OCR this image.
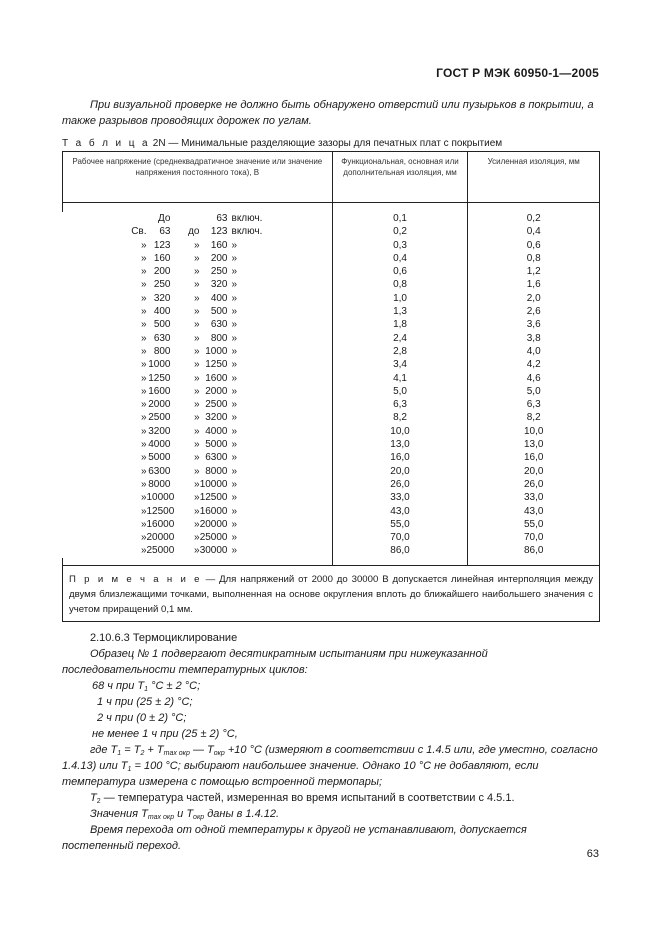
ГОСТ Р МЭК 60950-1—2005

При визуальной проверке не должно быть обнаружено отверстий или пузырьков в покрытии, а также разрывов проводящих дорожек по углам.

Т а б л и ц а 2N — Минимальные разделяющие зазоры для печатных плат с покрытием
Рабочее напряжение (среднеквадратичное значение или значение напряжения постоянного тока), В	Функциональная, основная или дополнительная изоляция, мм	Усиленная изоляция, мм

До 63 включ.	0,1	0,2

Св. 63 до 123 включ.	0,2	0,4

» 123 » 160 »	0,3	0,6

» 160 » 200 »	0,4	0,8

» 200 » 250 »	0,6	1,2

» 250 » 320 »	0,8	1,6

» 320 » 400 »	1,0	2,0

» 400 » 500 »	1,3	2,6

» 500 » 630 »	1,8	3,6

» 630 » 800 »	2,4	3,8

» 800 » 1000 »	2,8	4,0

» 1000 » 1250 »	3,4	4,2

» 1250 » 1600 »	4,1	4,6

» 1600 » 2000 »	5,0	5,0

» 2000 » 2500 »	6,3	6,3

» 2500 » 3200 »	8,2	8,2

» 3200 » 4000 »	10,0	10,0

» 4000 » 5000 »	13,0	13,0

» 5000 » 6300 »	16,0	16,0

» 6300 » 8000 »	20,0	20,0

» 8000 » 10000 »	26,0	26,0

» 10000 » 12500 »	33,0	33,0

» 12500 » 16000 »	43,0	43,0

» 16000 » 20000 »	55,0	55,0

» 20000 » 25000 »	70,0	70,0

» 25000 » 30000 »	86,0	86,0

П р и м е ч а н и е — Для напряжений от 2000 до 30000 В допускается линейная интерполяция между двумя близлежащими точками, выполненная на основе округления вплоть до ближайшего наибольшего значения с учетом приращений 0,1 мм.		

2.10.6.3 Термоциклирование

Образец № 1 подвергают десятикратным испытаниям при нижеуказанной последовательности температурных циклов:

68 ч при $T_1$ °C ± 2 °C;

1 ч при (25 ± 2) °C;

2 ч при (0 ± 2) °C;

не менее 1 ч при (25 ± 2) °C,

где $T_1 = T_2 + T_{max окр}$ — $T_{окр} +10$ °C (измеряют в соответствии с 1.4.5 или, где уместно, согласно 1.4.13) или $T_1 = 100$ °C; выбирают наибольшее значение. Однако 10 °C не добавляют, если температура измерена с помощью встроенной термопары;

$T_2$ — температура частей, измеренная во время испытаний в соответствии с 4.5.1.

Значения $T_{max окр}$ и $T_{окр}$ даны в 1.4.12.

Время перехода от одной температуры к другой не устанавливают, допускается постепенный переход.

63
